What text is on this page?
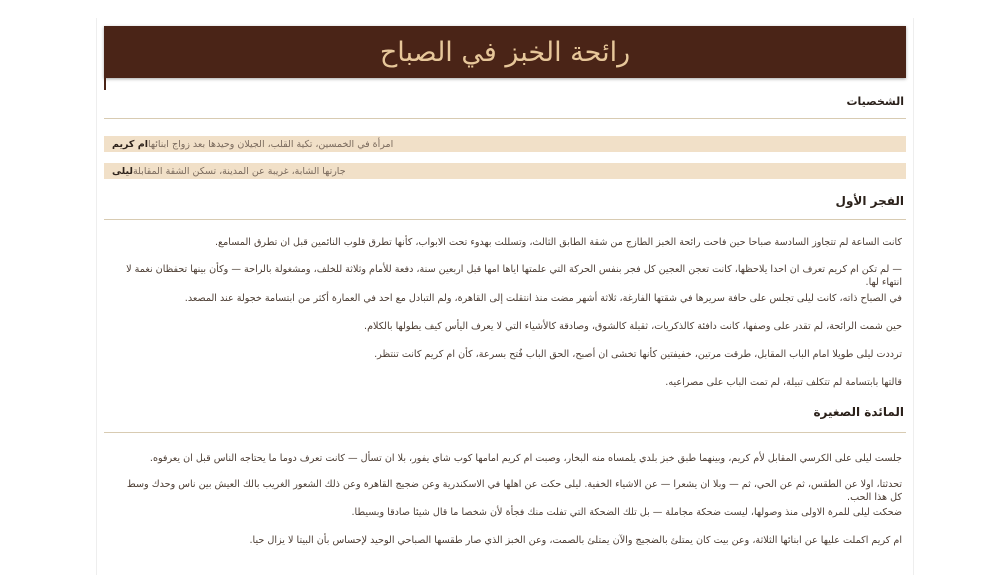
رائحة الخبز في الصباح
الشخصيات
ام كريم امرأة في الخمسين، تكية القلب، الجيلان وحيدها بعد زواج ابنائها
ليلى جارتها الشابة، غريبة عن المدينة، تسكن الشقة المقابلة
الفجر الأول

كانت الساعة لم تتجاوز السادسة صباحا حين فاحت رائحة الخبز الطازج من شقة الطابق الثالث، وتسللت بهدوء تحت الابواب، كأنها تطرق قلوب النائمين قبل ان تطرق المسامع.

— لم تكن ام كريم تعرف ان احدا يلاحظها، كانت تعجن العجين كل فجر بنفس الحركة التي علمتها اياها امها قبل اربعين سنة، دفعة للأمام وثلاثة للخلف، ومشغولة بالراحة — وكأن بينها تحفظان نغمة لا انتهاء لها.

في الصباح ذاته، كانت ليلى تجلس على حافة سريرها في شقتها الفارغة، ثلاثة أشهر مضت منذ انتقلت إلى القاهرة، ولم التبادل مع احد في العمارة أكثر من ابتسامة خجولة عند المصعد.

حين شمت الرائحة، لم تقدر على وصفها، كانت دافئة كالذكريات، ثقيلة كالشوق، وصادقة كالأشياء التي لا يعرف اليأس كيف يطولها بالكلام.

ترددت ليلى طويلا امام الباب المقابل، طرقت مرتين، خفيفتين كأنها تخشى ان أصبح، الحق الباب فُتح بسرعة، كأن ام كريم كانت تنتظر.

قالتها بابتسامة لم تتكلف تبيلة، لم تمت الباب على مصراعيه.

المائدة الصغيرة

جلست ليلى على الكرسي المقابل لأم كريم، وبينهما طبق خبز بلدي يلمساه منه البخار، وصبت ام كريم امامها كوب شاي يفور، بلا ان تسأل — كانت تعرف دوما ما يحتاجه الناس قبل ان يعرفوه.

تحدثتا، اولا عن الطقس، ثم عن الحي، ثم — وبلا ان يشعرا — عن الاشياء الخفية. ليلى حكت عن اهلها في الاسكندرية وعن ضجيج القاهرة وعن ذلك الشعور الغريب بالك العيش بين ناس وحدك وسط كل هذا الحب.

ضحكت ليلى للمرة الاولى منذ وصولها، ليست ضحكة مجاملة — بل تلك الضحكة التي تفلت منك فجأة لأن شخصا ما قال شيئا صادقا وبسيطا.

ام كريم اكملت عليها عن ابنائها الثلاثة، وعن بيت كان يمتلئ بالضجيج والآن يمتلئ بالصمت، وعن الخبز الذي صار طقسها الصباحي الوحيد لإحساس بأن البيتا لا يزال حيا.
